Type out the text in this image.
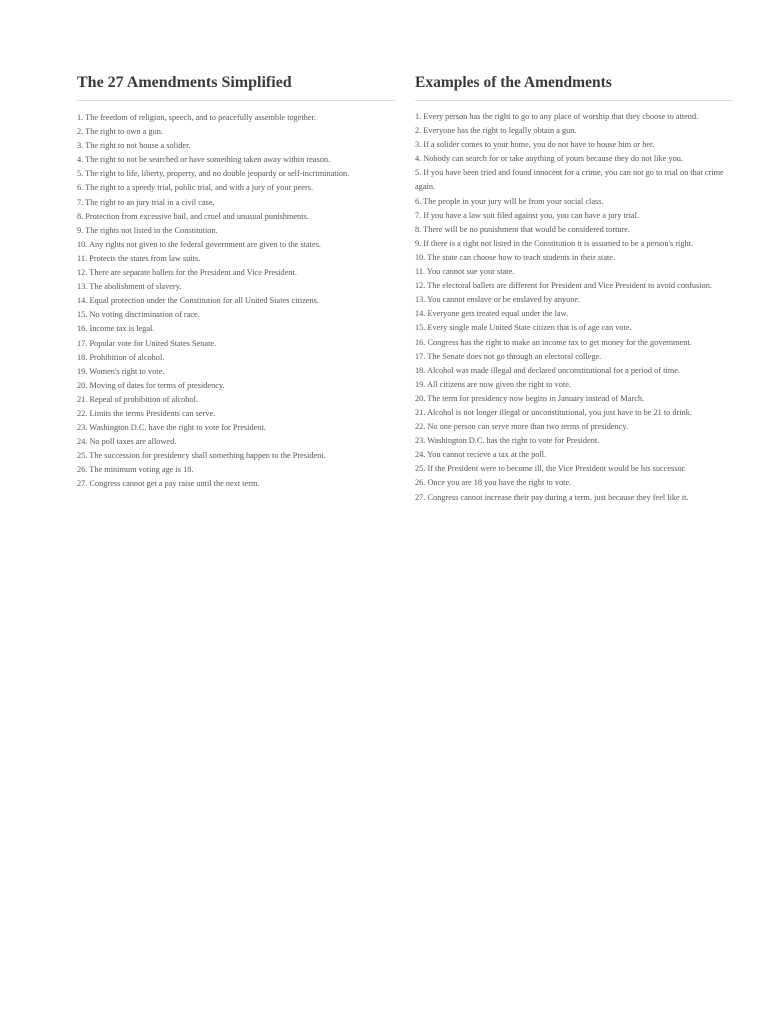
The 27 Amendments Simplified
1. The freedom of religion, speech, and to peacefully assemble together.
2. The right to own a gun.
3. The right to not house a solider.
4. The right to not be searched or have something taken away within reason.
5. The right to life, liberty, property, and no double jeopardy or self-incrimination.
6. The right to a speedy trial, public trial, and with a jury of your peers.
7. The right to an jury trial in a civil case.
8. Protection from excessive bail, and cruel and unusual punishments.
9. The rights not listed in the Constitution.
10. Any rights not given to the federal government are given to the states.
11. Protects the states from law suits.
12. There are separate ballets for the President and Vice President.
13. The abolishment of slavery.
14. Equal protection under the Constitution for all United States citizens.
15. No voting discrimination of race.
16. Income tax is legal.
17. Popular vote for United States Senate.
18. Prohibition of alcohol.
19. Women's right to vote.
20. Moving of dates for terms of presidency.
21. Repeal of prohibition of alcohol.
22. Limits the terms Presidents can serve.
23. Washington D.C. have the right to vote for President.
24. No poll taxes are allowed.
25. The succession for presidency shall something happen to the President.
26. The minimum voting age is 18.
27. Congress cannot get a pay raise until the next term.
Examples of the Amendments
1. Every person has the right to go to any place of worship that they choose to attend.
2. Everyone has the right to legally obtain a gun.
3. If a solider comes to your home, you do not have to house him or her.
4. Nobody can search for or take anything of yours because they do not like you.
5. If you have been tried and found innocent for a crime, you can not go to trial on that crime again.
6. The people in your jury will be from your social class.
7. If you have a law suit filed against you, you can have a jury trial.
8. There will be no punishment that would be considered torture.
9. If there is a right not listed in the Constitution it is assumed to be a person's right.
10. The state can choose how to teach students in their state.
11. You cannot sue your state.
12. The electoral ballets are different for President and Vice President to avoid confusion.
13. You cannot enslave or be enslaved by anyone.
14. Everyone gets treated equal under the law.
15. Every single male United State citizen that is of age can vote.
16. Congress has the right to make an income tax to get money for the government.
17. The Senate does not go through an electoral college.
18. Alcohol was made illegal and declared unconstitutional for a period of time.
19. All citizens are now given the right to vote.
20. The term for presidency now begins in January instead of March.
21. Alcohol is not longer illegal or unconstitutional, you just have to be 21 to drink.
22. No one person can serve more than two terms of presidency.
23. Washington D.C. has the right to vote for President.
24. You cannot recieve a tax at the poll.
25. If the President were to become ill, the Vice President would be his successor.
26. Once you are 18 you have the right to vote.
27. Congress cannot increase their pay during a term, just because they feel like it.
